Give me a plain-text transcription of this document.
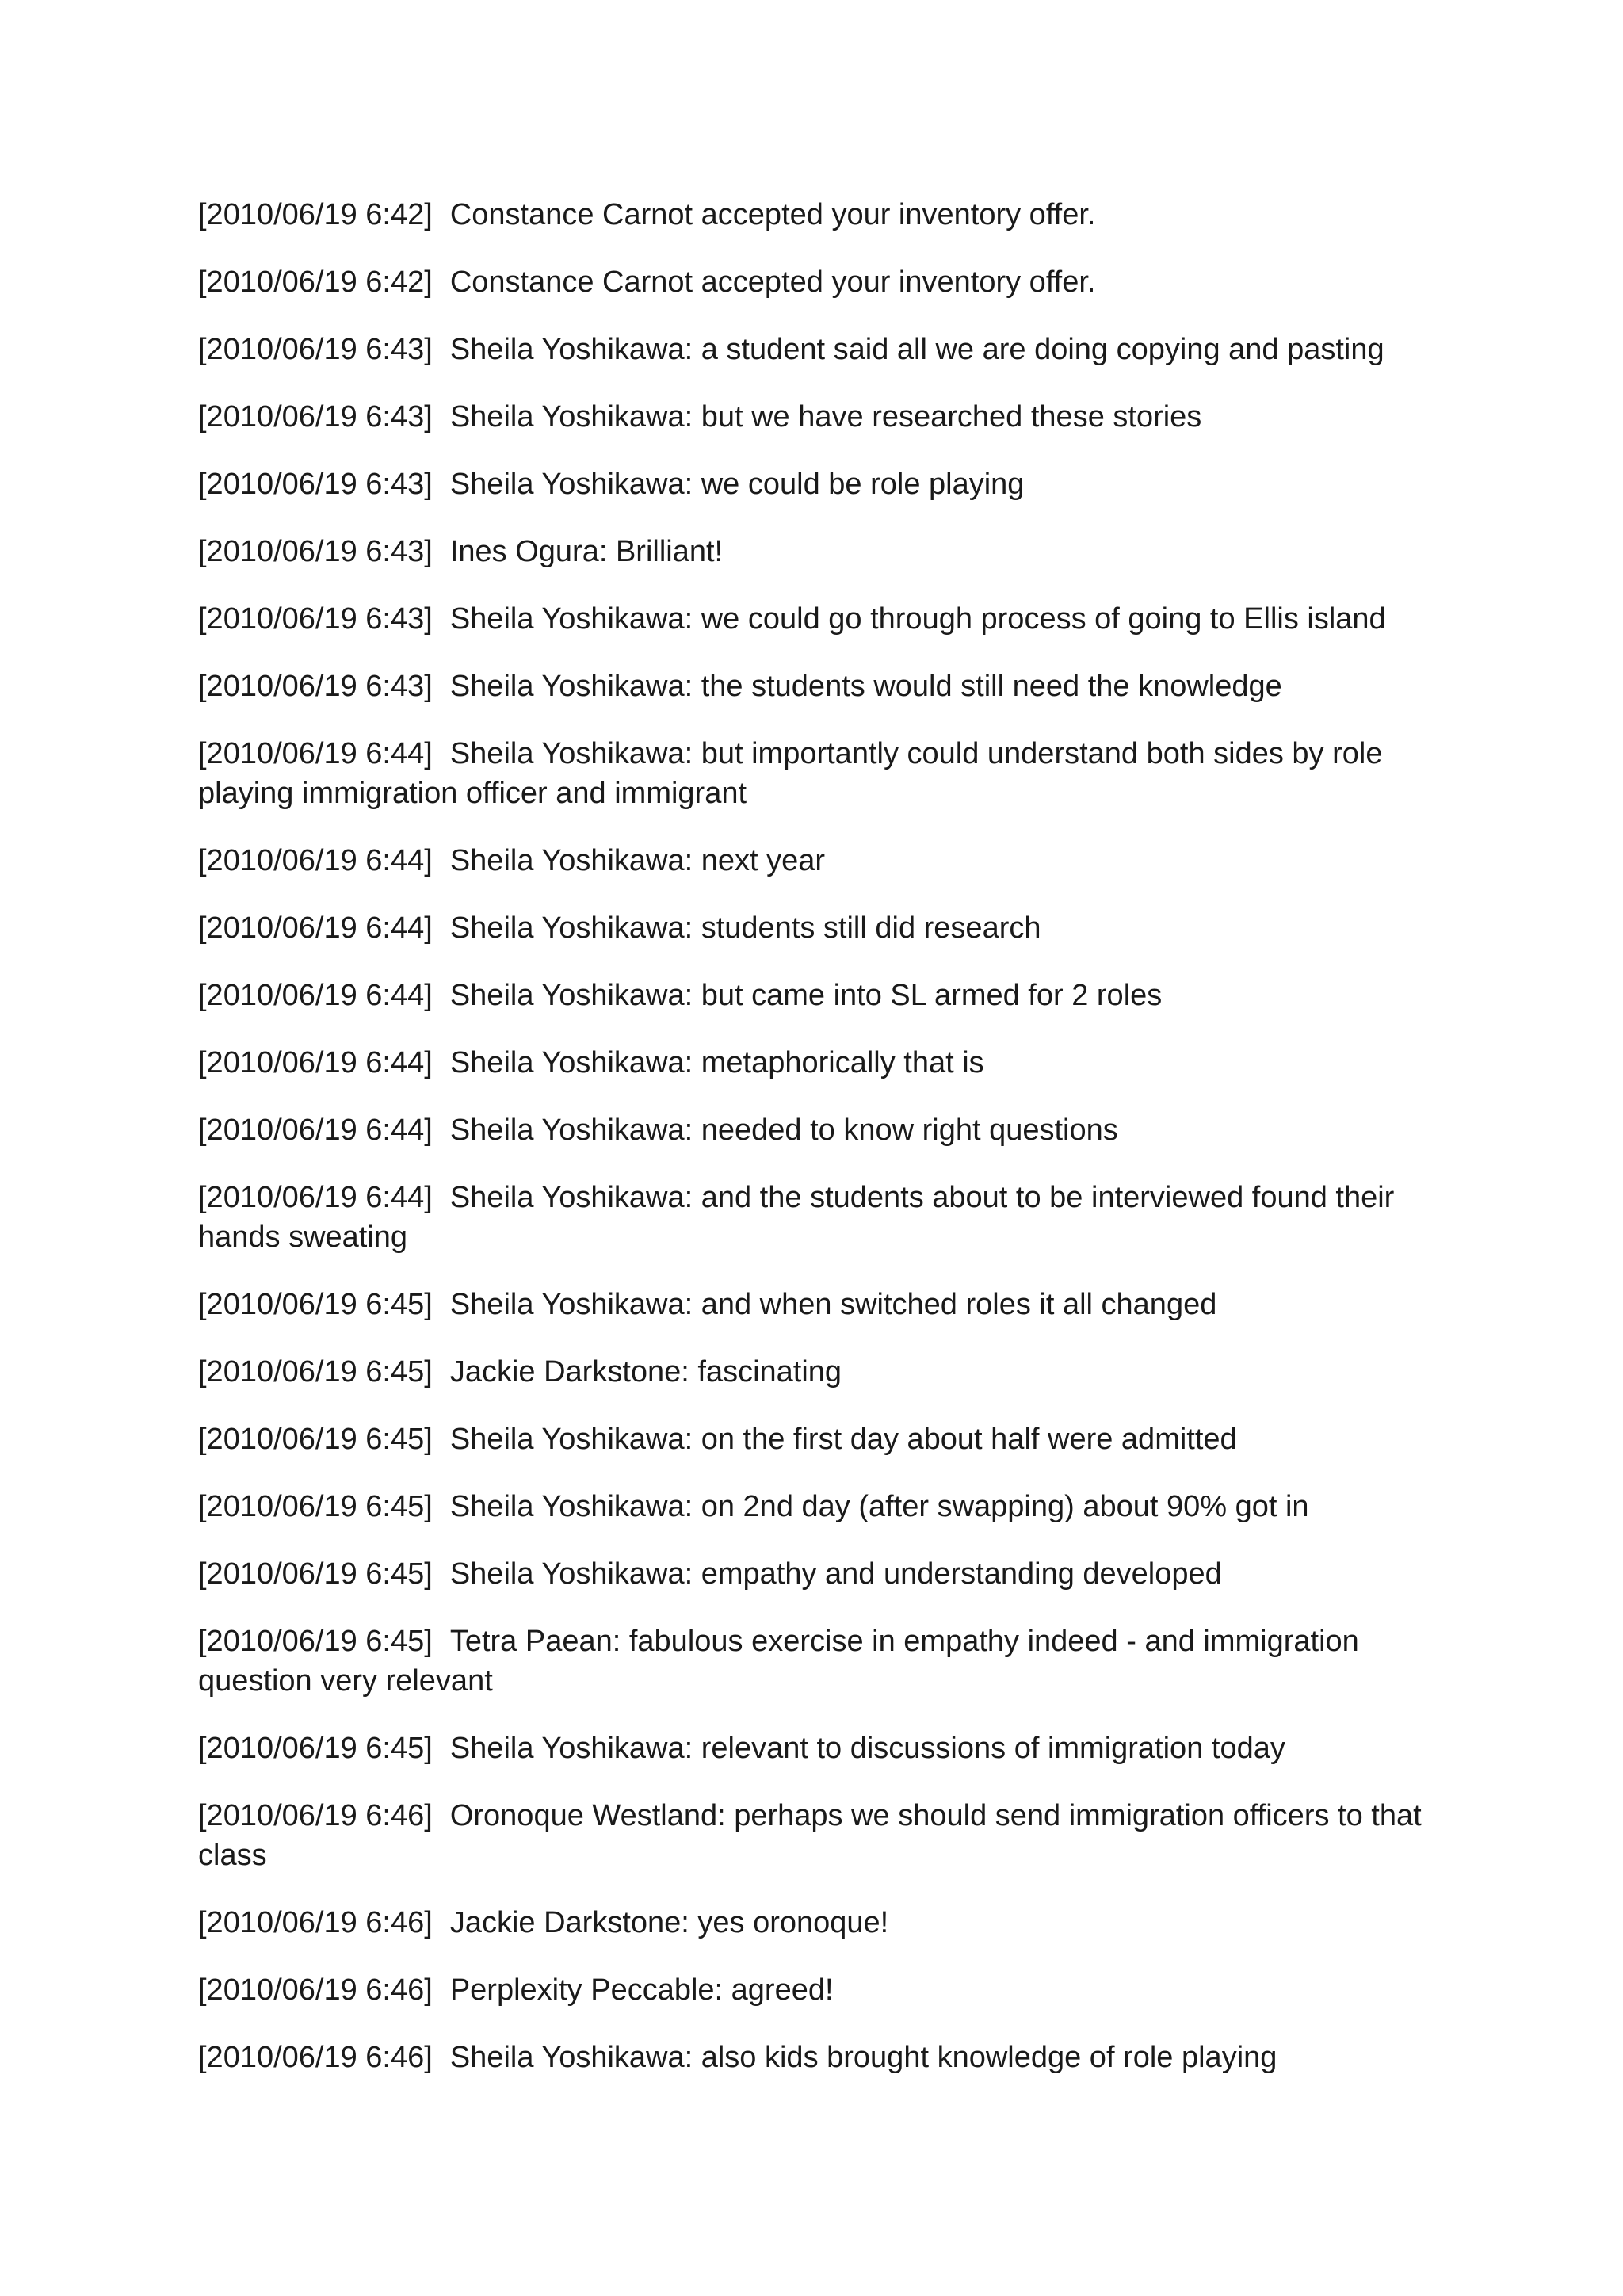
[2010/06/19 6:42] Constance Carnot accepted your inventory offer.

[2010/06/19 6:42] Constance Carnot accepted your inventory offer.

[2010/06/19 6:43] Sheila Yoshikawa: a student said all we are doing copying and pasting

[2010/06/19 6:43] Sheila Yoshikawa: but we have researched these stories

[2010/06/19 6:43] Sheila Yoshikawa: we could be role playing

[2010/06/19 6:43] Ines Ogura: Brilliant!

[2010/06/19 6:43] Sheila Yoshikawa: we could go through process of going to Ellis island

[2010/06/19 6:43] Sheila Yoshikawa: the students would still need the knowledge

[2010/06/19 6:44] Sheila Yoshikawa: but importantly could understand both sides by role playing immigration officer and immigrant

[2010/06/19 6:44] Sheila Yoshikawa: next year

[2010/06/19 6:44] Sheila Yoshikawa: students still did research

[2010/06/19 6:44] Sheila Yoshikawa: but came into SL armed for 2 roles

[2010/06/19 6:44] Sheila Yoshikawa: metaphorically that is

[2010/06/19 6:44] Sheila Yoshikawa: needed to know right questions

[2010/06/19 6:44] Sheila Yoshikawa: and the students about to be interviewed found their hands sweating

[2010/06/19 6:45] Sheila Yoshikawa: and when switched roles it all changed

[2010/06/19 6:45] Jackie Darkstone: fascinating

[2010/06/19 6:45] Sheila Yoshikawa: on the first day about half were admitted

[2010/06/19 6:45] Sheila Yoshikawa: on 2nd day (after swapping) about 90% got in

[2010/06/19 6:45] Sheila Yoshikawa: empathy and understanding developed

[2010/06/19 6:45] Tetra Paean: fabulous exercise in empathy indeed - and immigration question very relevant

[2010/06/19 6:45] Sheila Yoshikawa: relevant to discussions of immigration today

[2010/06/19 6:46] Oronoque Westland: perhaps we should send immigration officers to that class

[2010/06/19 6:46] Jackie Darkstone: yes oronoque!

[2010/06/19 6:46] Perplexity Peccable: agreed!

[2010/06/19 6:46] Sheila Yoshikawa: also kids brought knowledge of role playing
